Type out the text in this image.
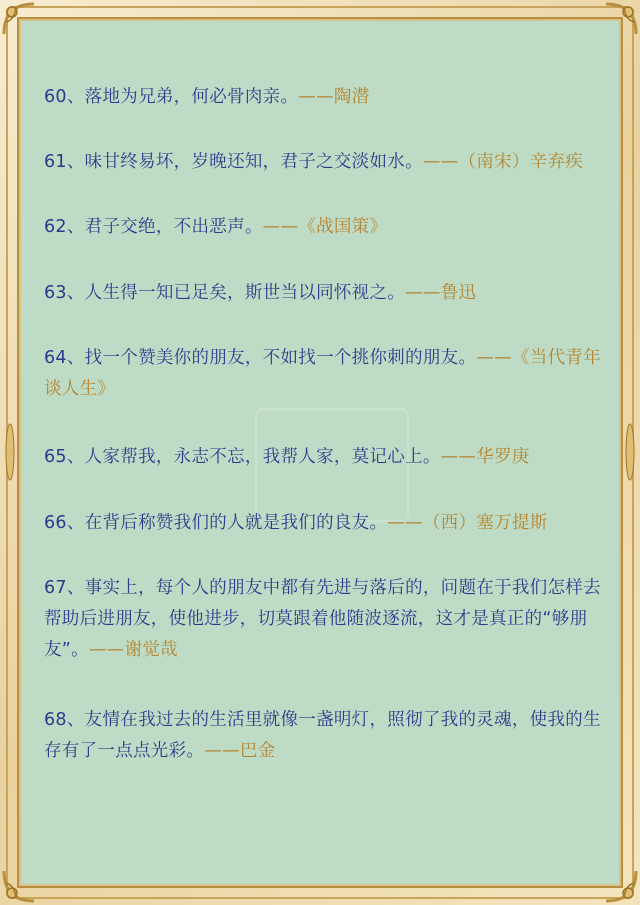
60、落地为兄弟，何必骨肉亲。——陶潜
61、味甘终易坏，岁晚还知，君子之交淡如水。——（南宋）辛弃疾
62、君子交绝，不出恶声。——《战国策》
63、人生得一知已足矣，斯世当以同怀视之。——鲁迅
64、找一个赞美你的朋友，不如找一个挑你刺的朋友。——《当代青年谈人生》
65、人家帮我，永志不忘，我帮人家，莫记心上。——华罗庚
66、在背后称赞我们的人就是我们的良友。——（西）塞万提斯
67、事实上，每个人的朋友中都有先进与落后的，问题在于我们怎样去帮助后进朋友，使他进步，切莫跟着他随波逐流，这才是真正的“够朋友”。——谢觉哉
68、友情在我过去的生活里就像一盏明灯，照彻了我的灵魂，使我的生存有了一点点光彩。——巴金
